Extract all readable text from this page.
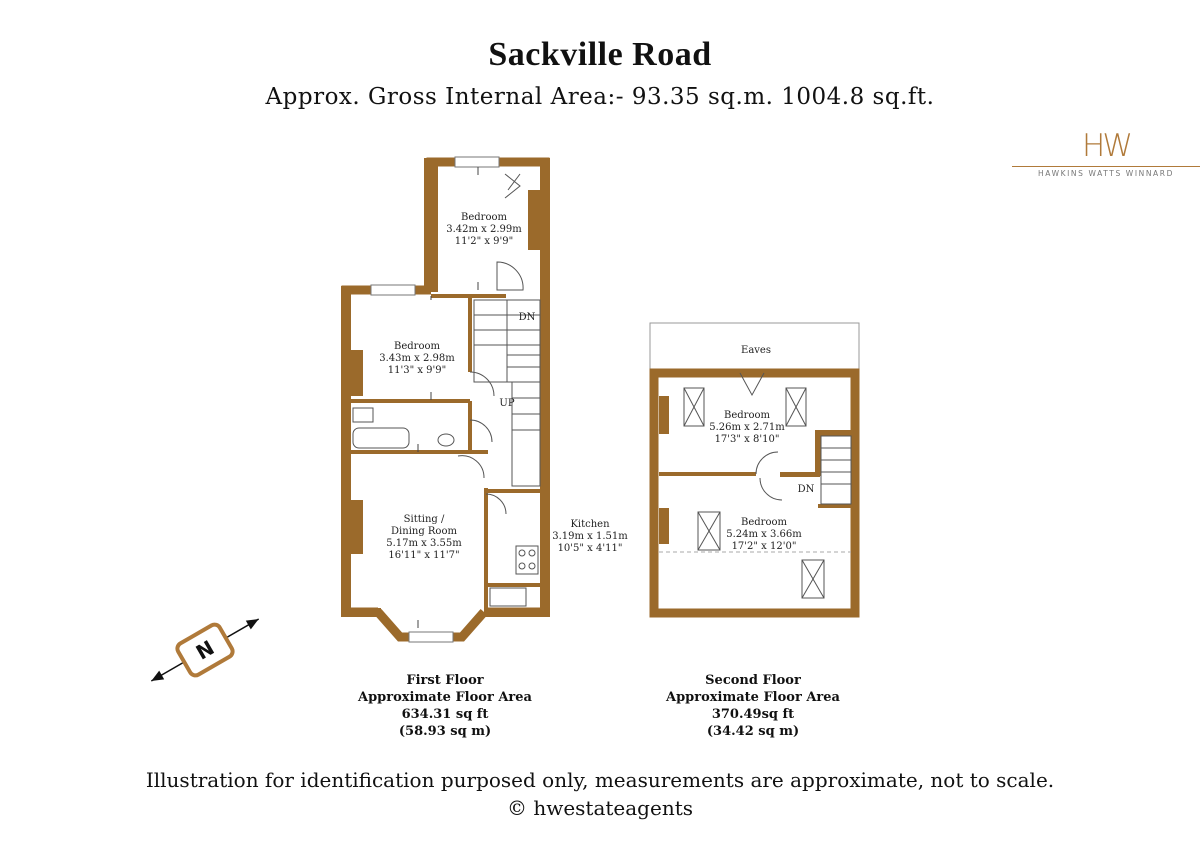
Sackville Road
Approx. Gross Internal Area:- 93.35 sq.m. 1004.8 sq.ft.
HW
HAWKINS WATTS WINNARD
Bedroom
3.42m x 2.99m
11'2" x 9'9"
Bedroom
3.43m x 2.98m
11'3" x 9'9"
Sitting /
Dining Room
5.17m x 3.55m
16'11" x 11'7"
Kitchen
3.19m x 1.51m
10'5" x 4'11"
DN
UP
Eaves
Bedroom
5.26m x 2.71m
17'3" x 8'10"
Bedroom
5.24m x 3.66m
17'2" x 12'0"
DN
N
First Floor
Approximate Floor Area
634.31 sq ft
(58.93 sq m)
Second Floor
Approximate Floor Area
370.49sq ft
(34.42 sq m)
Illustration for identification purposed only, measurements are approximate, not to scale.
© hwestateagents
